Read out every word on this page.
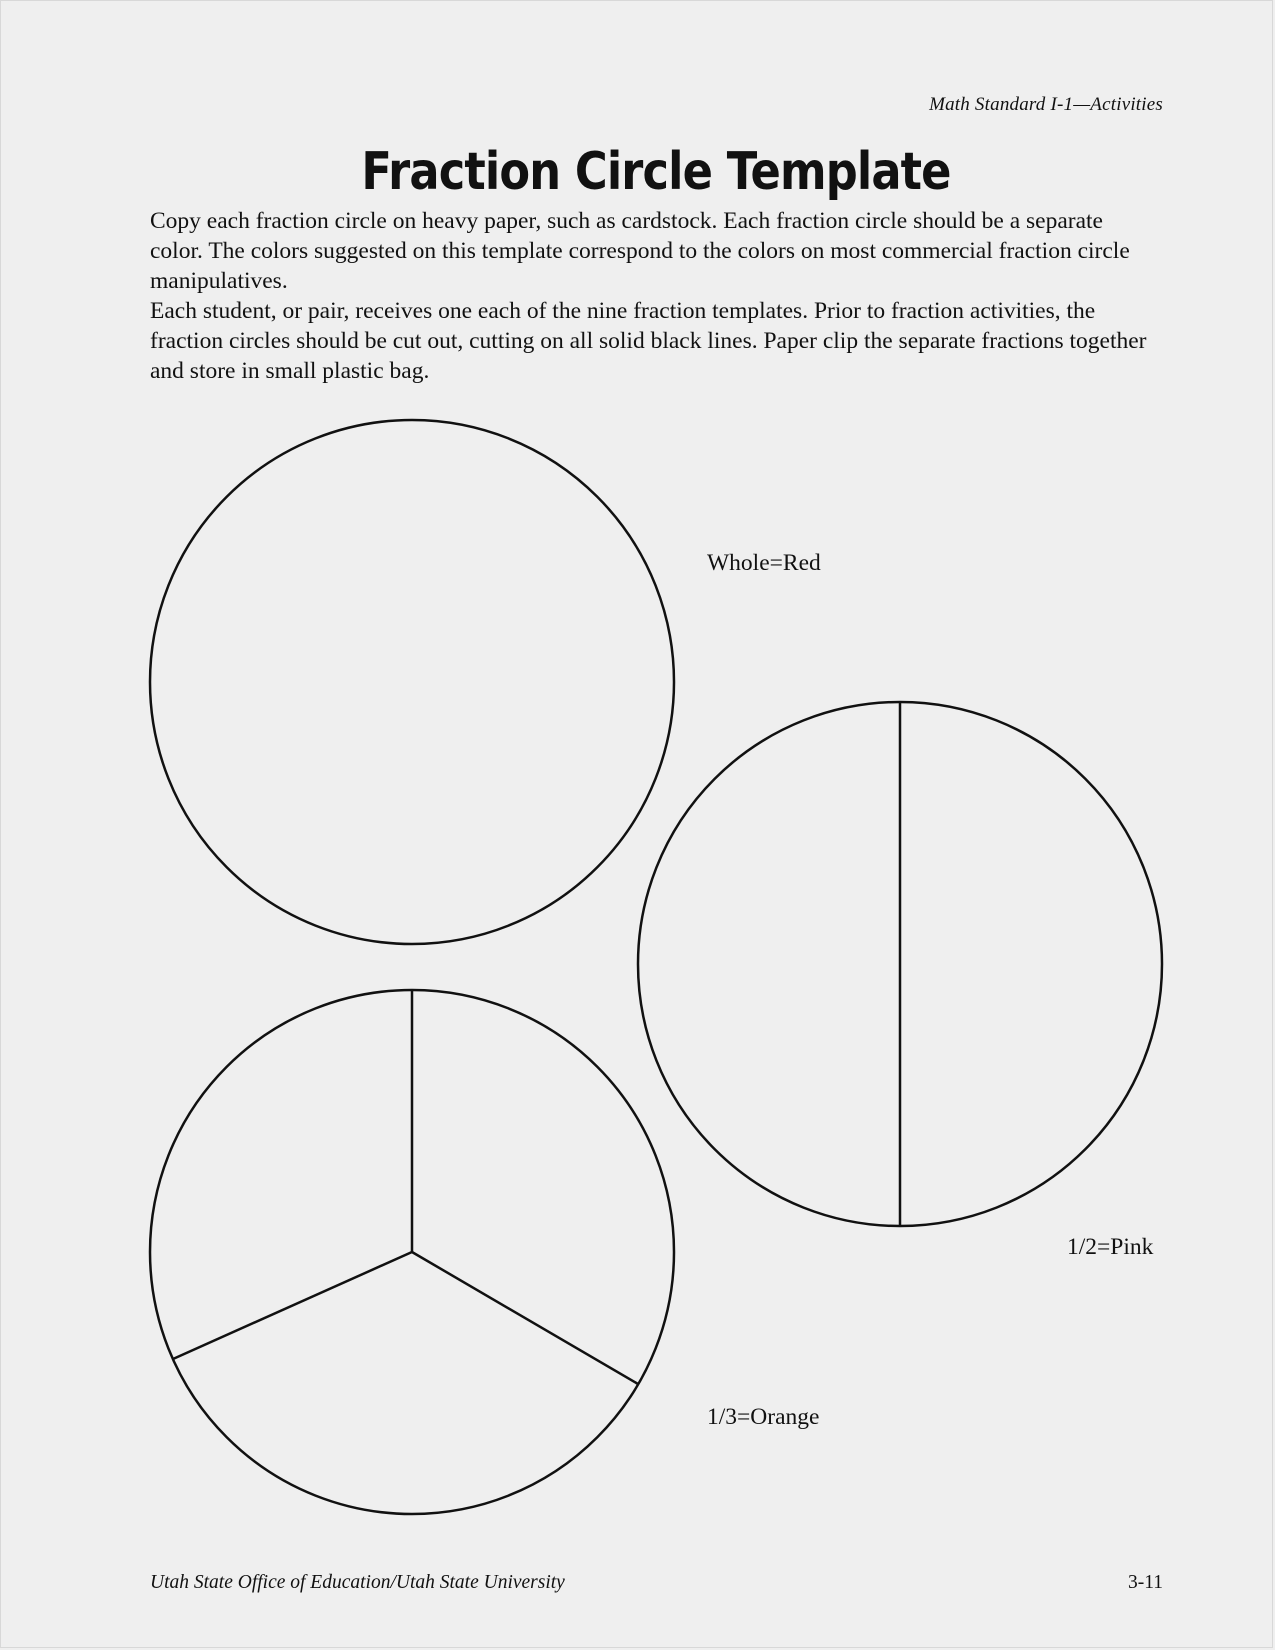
Math Standard I-1—Activities
Fraction Circle Template

Copy each fraction circle on heavy paper, such as cardstock. Each fraction circle should be a separate color. The colors suggested on this template correspond to the colors on most commercial fraction circle manipulatives.

Each student, or pair, receives one each of the nine fraction templates. Prior to fraction activities, the fraction circles should be cut out, cutting on all solid black lines. Paper clip the separate fractions together and store in small plastic bag.

Whole=Red
1/2=Pink
1/3=Orange
Utah State Office of Education/Utah State University	3-11
